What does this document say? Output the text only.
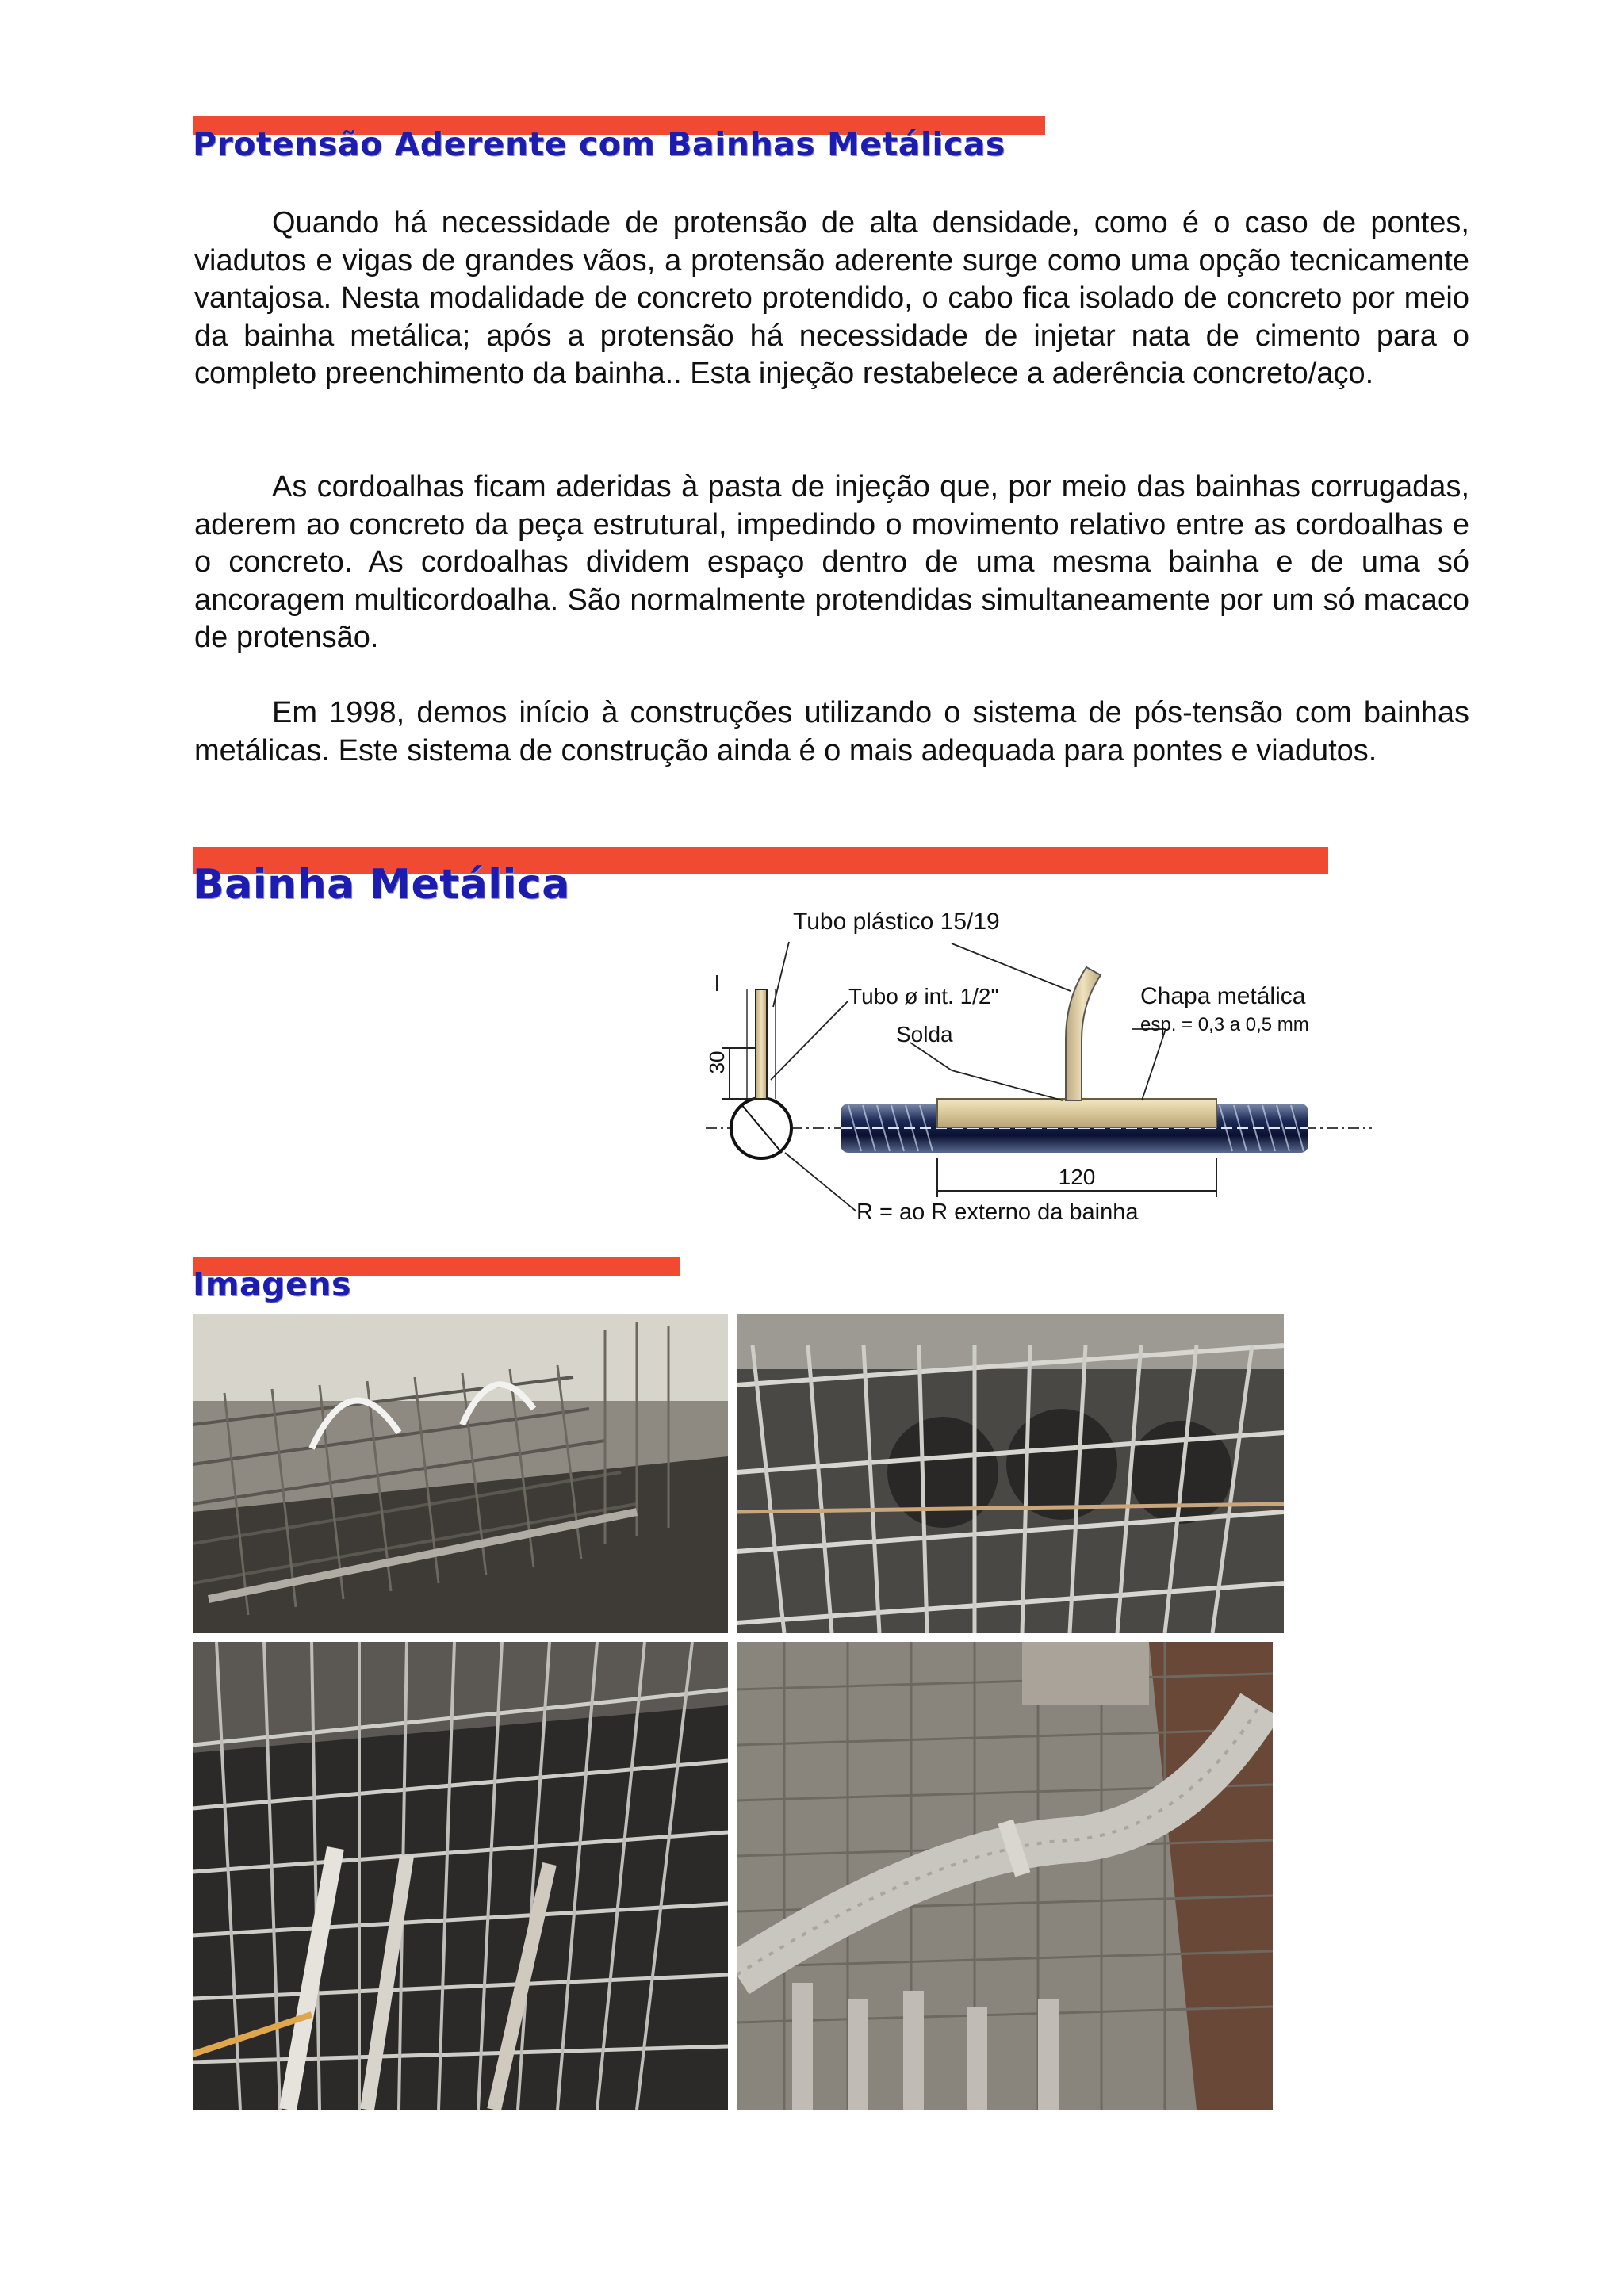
Protensão Aderente com Bainhas Metálicas

Quando há necessidade de protensão de alta densidade, como é o caso de pontes, viadutos e vigas de grandes vãos, a protensão aderente surge como uma opção tecnicamente vantajosa. Nesta modalidade de concreto protendido, o cabo fica isolado de concreto por meio da bainha metálica; após a protensão há necessidade de injetar nata de cimento para o completo preenchimento da bainha.. Esta injeção restabelece a aderência concreto/aço.

As cordoalhas ficam aderidas à pasta de injeção que, por meio das bainhas corrugadas, aderem ao concreto da peça estrutural, impedindo o movimento relativo entre as cordoalhas e o concreto. As cordoalhas dividem espaço dentro de uma mesma bainha e de uma só ancoragem multicordoalha. São normalmente protendidas simultaneamente por um só macaco de protensão.

Em 1998, demos início à construções utilizando o sistema de pós-tensão com bainhas metálicas. Este sistema de construção ainda é o mais adequada para pontes e viadutos.

Bainha Metálica
30
120
Tubo plástico 15/19
Tubo ø int. 1/2"
Solda
Chapa metálica
esp. = 0,3 a 0,5 mm
R = ao R externo da bainha
Imagens
